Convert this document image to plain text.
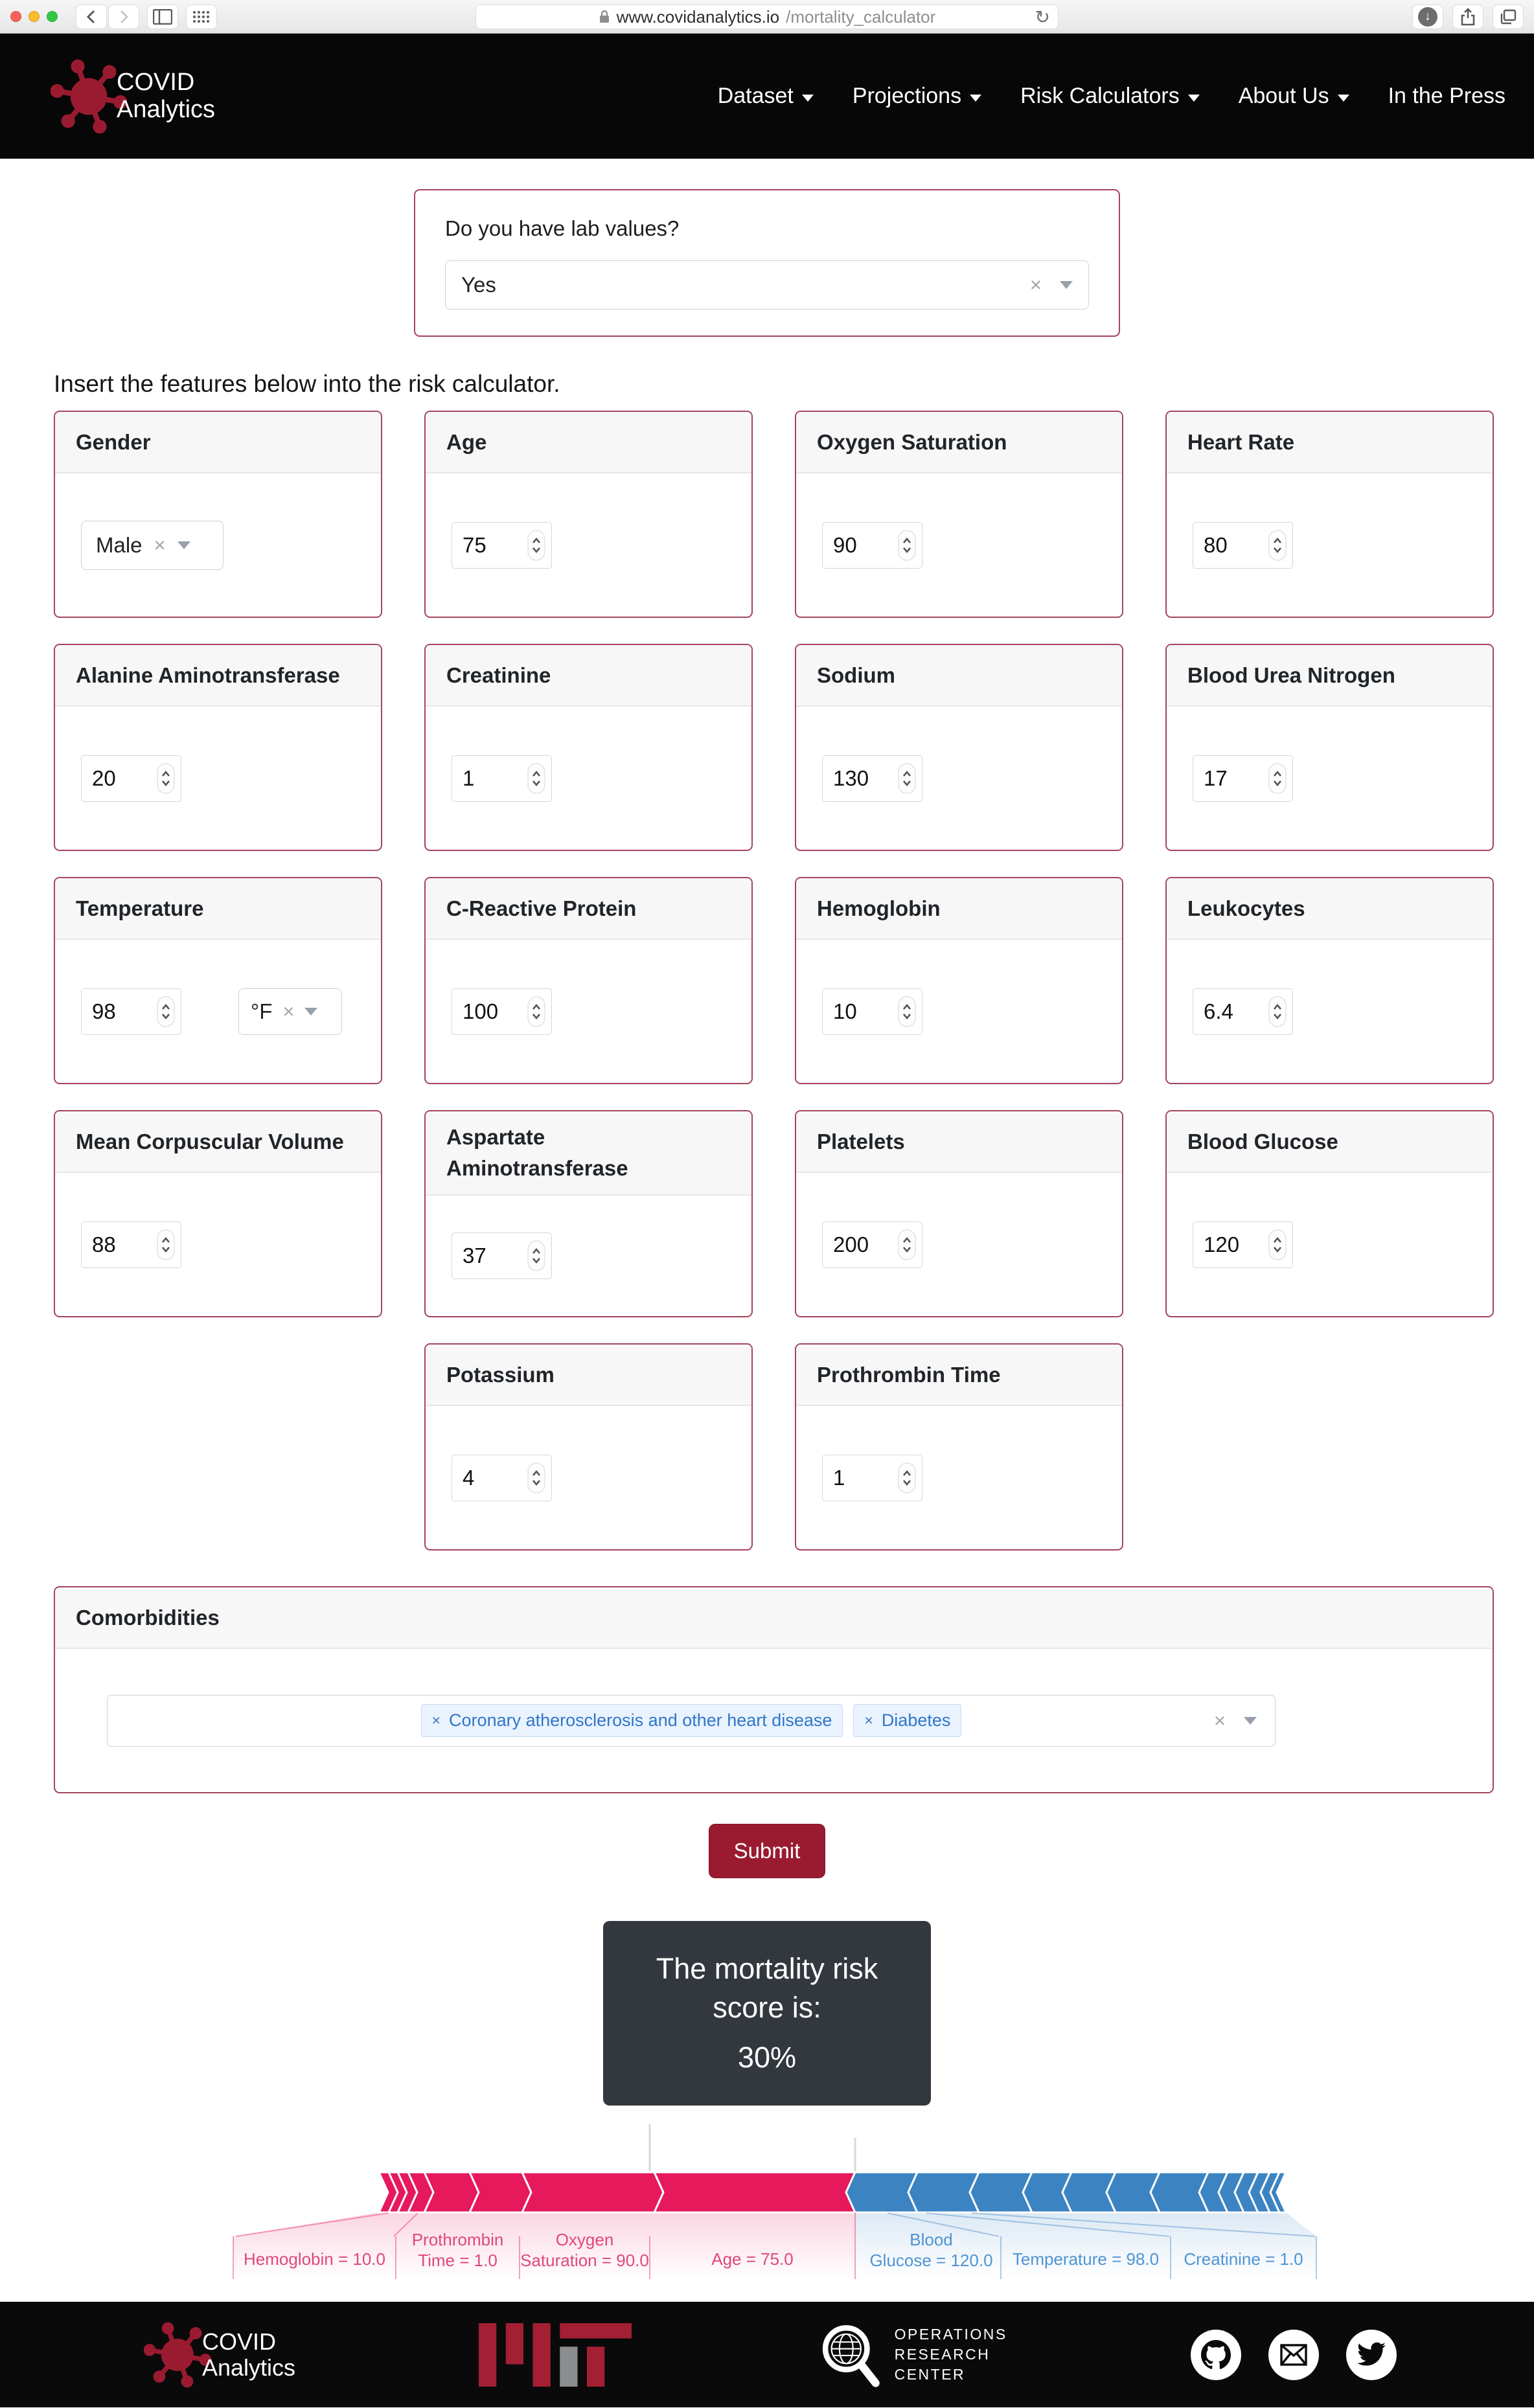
www.covidanalytics.io /mortality_calculator	↻	↓
COVID
Analytics	Dataset	Projections	Risk Calculators	About Us	In the Press
Do you have lab values?
Yes	×
Insert the features below into the risk calculator.
Gender
Male ×
Age
75
Oxygen Saturation
90
Heart Rate
80
Alanine Aminotransferase
20
Creatinine
1
Sodium
130
Blood Urea Nitrogen
17
Temperature
98	°F ×
C-Reactive Protein
100
Hemoglobin
10
Leukocytes
6.4
Mean Corpuscular Volume
88
Aspartate Aminotransferase
37
Platelets
200
Blood Glucose
120
Potassium
4
Prothrombin Time
1
Comorbidities
× Coronary atherosclerosis and other heart disease × Diabetes	×
Submit
The mortality risk
score is:
30%
Hemoglobin = 10.0
Prothrombin Time = 1.0
Oxygen Saturation = 90.0	Age = 75.0
Blood Glucose = 120.0 Temperature = 98.0 Creatinine = 1.0
COVID
Analytics
OPERATIONS
RESEARCH
CENTER
